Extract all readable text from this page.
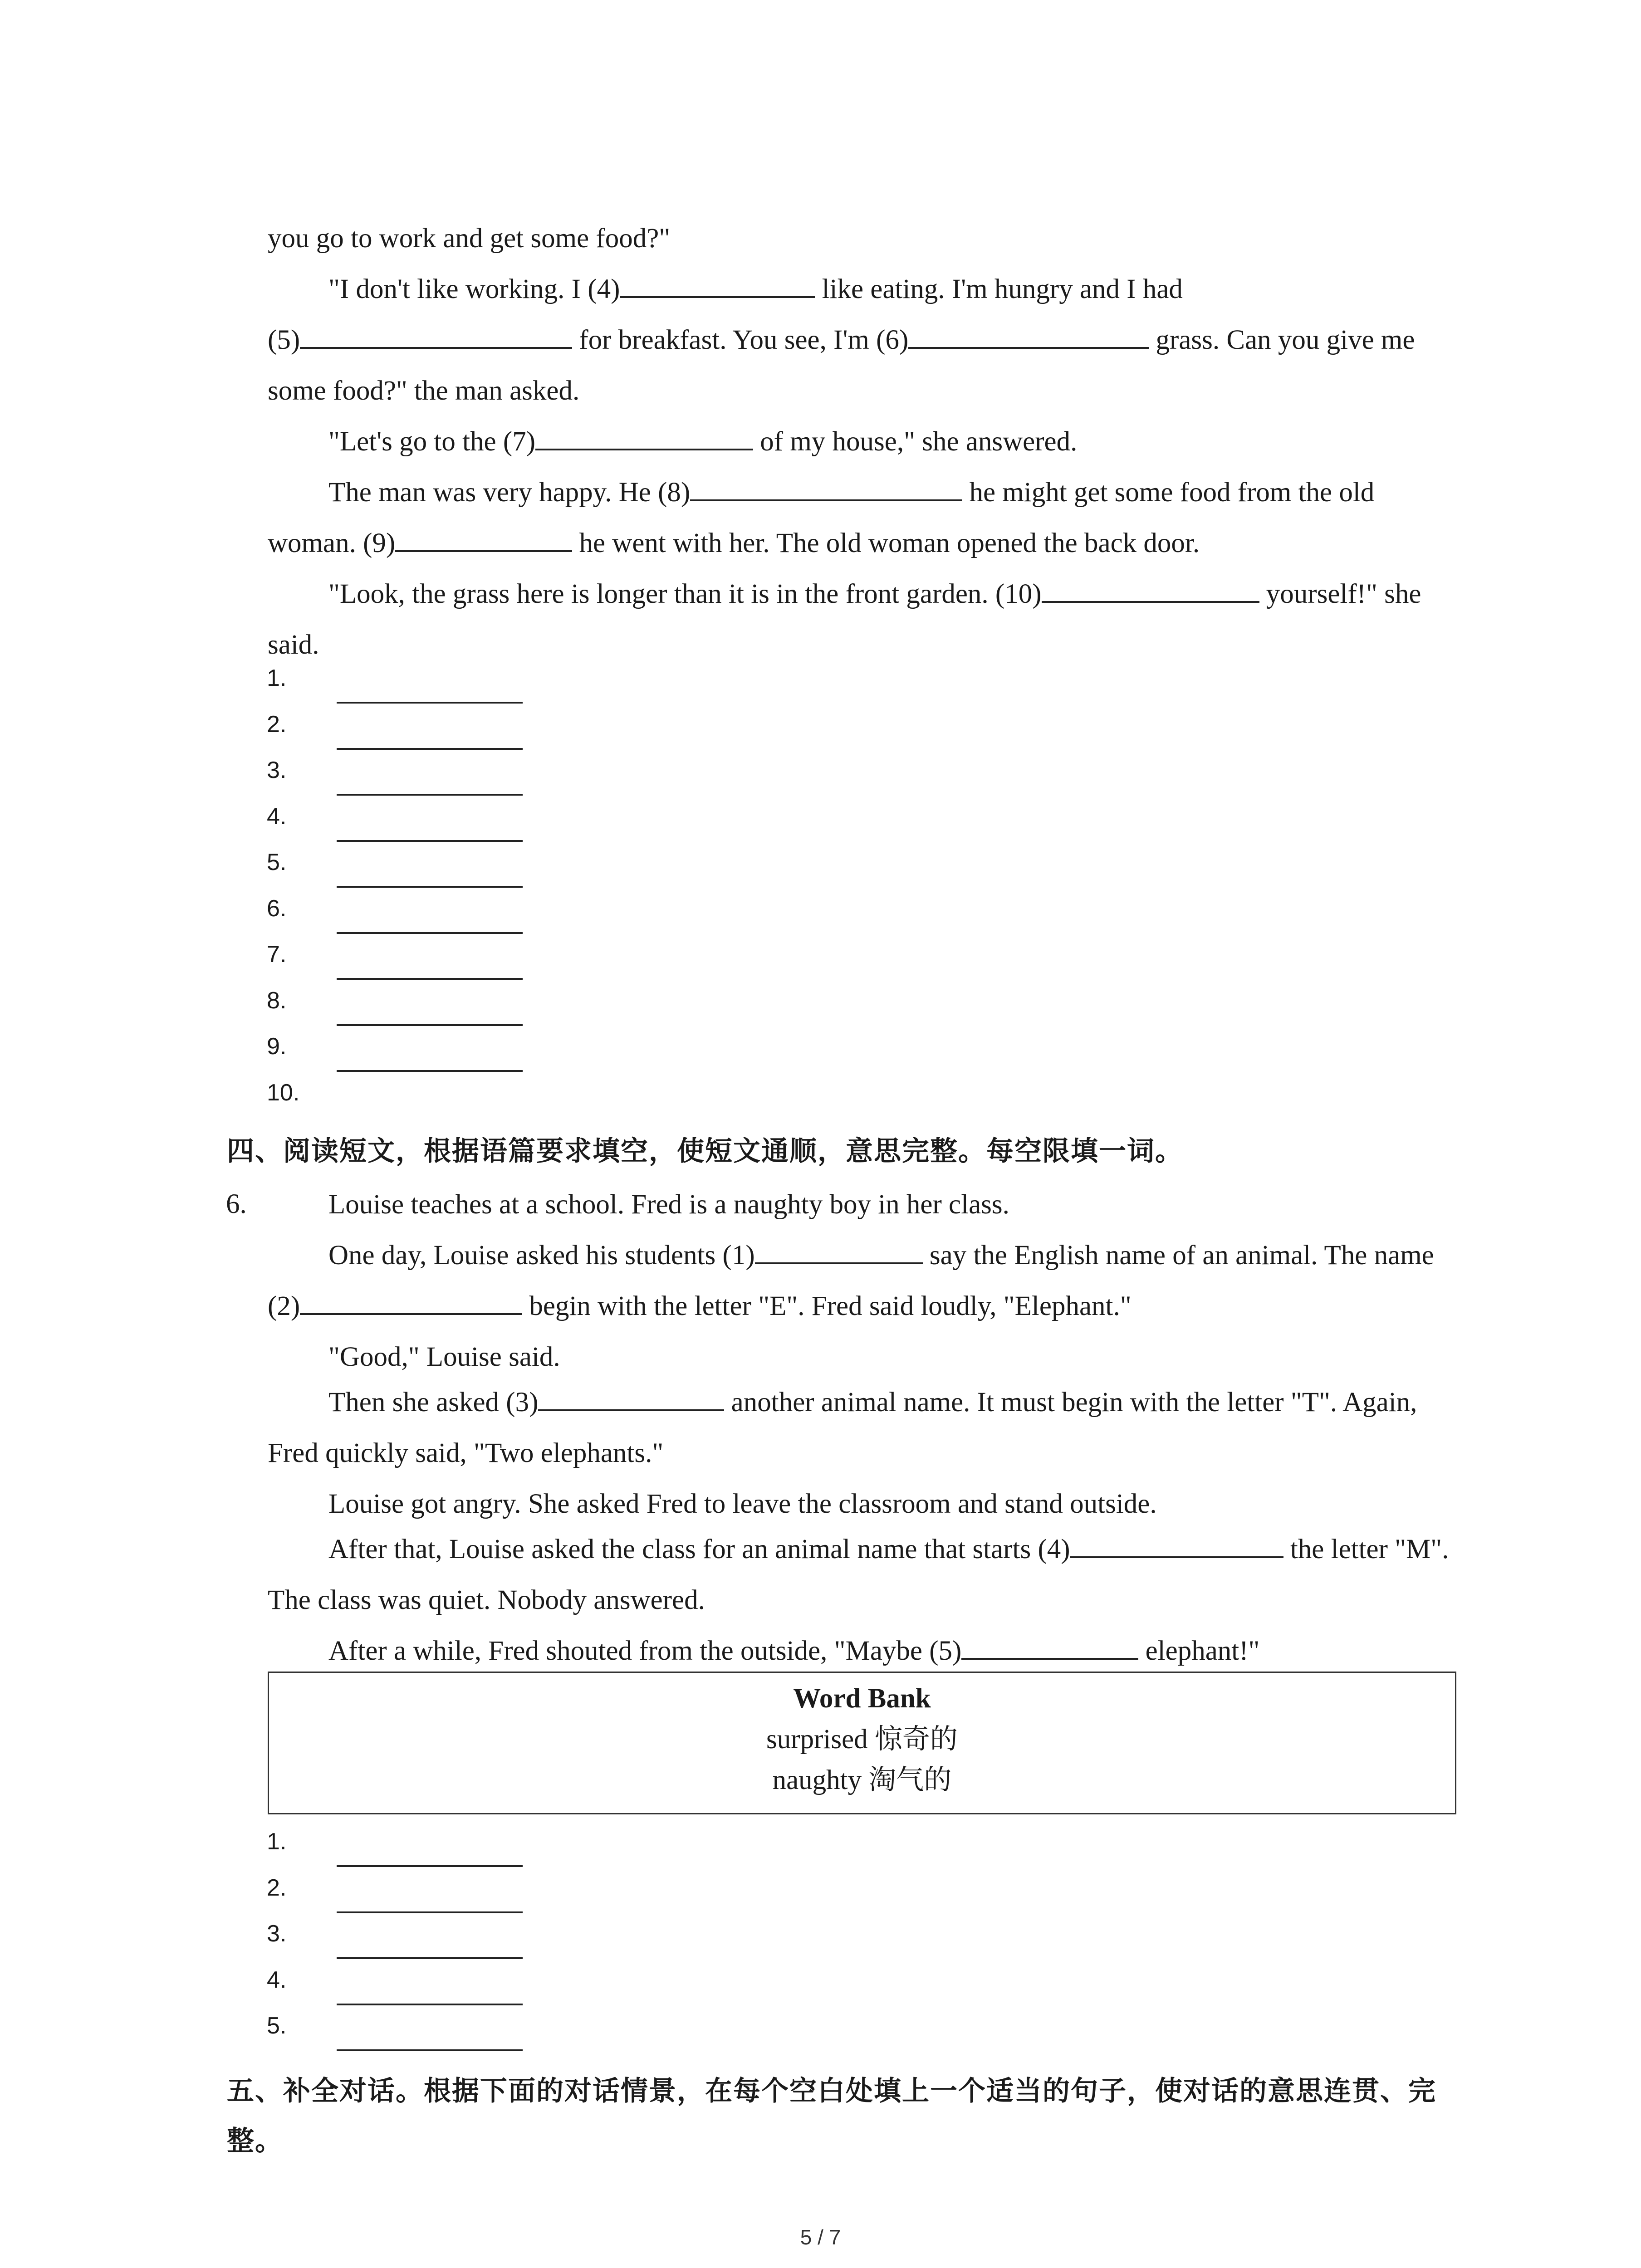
you go to work and get some food?"

"I don't like working. I (4)	like eating. I'm hungry and I had

(5)	for breakfast. You see, I'm (6)	grass. Can you give me some food?" the man asked.

"Let's go to the (7)	of my house," she answered.

The man was very happy. He (8)	he might get some food from the old woman. (9)	he went with her. The old woman opened the back door.

"Look, the grass here is longer than it is in the front garden. (10)	yourself!" she said.

1.
2.
3.
4.
5.
6.
7.
8.
9.
10.

四、阅读短文，根据语篇要求填空，使短文通顺，意思完整。每空限填一词。

6.	Louise teaches at a school. Fred is a naughty boy in her class.

One day, Louise asked his students (1)	say the English name of an animal. The name (2)	begin with the letter "E". Fred said loudly, "Elephant."

"Good," Louise said.

Then she asked (3)	another animal name. It must begin with the letter "T". Again, Fred quickly said, "Two elephants."

Louise got angry. She asked Fred to leave the classroom and stand outside.

After that, Louise asked the class for an animal name that starts (4)	the letter "M". The class was quiet. Nobody answered.

After a while, Fred shouted from the outside, "Maybe (5)	elephant!"

Word Bank
surprised 惊奇的
naughty 淘气的
1.
2.
3.
4.
5.

五、补全对话。根据下面的对话情景，在每个空白处填上一个适当的句子，使对话的意思连贯、完整。

5 / 7
